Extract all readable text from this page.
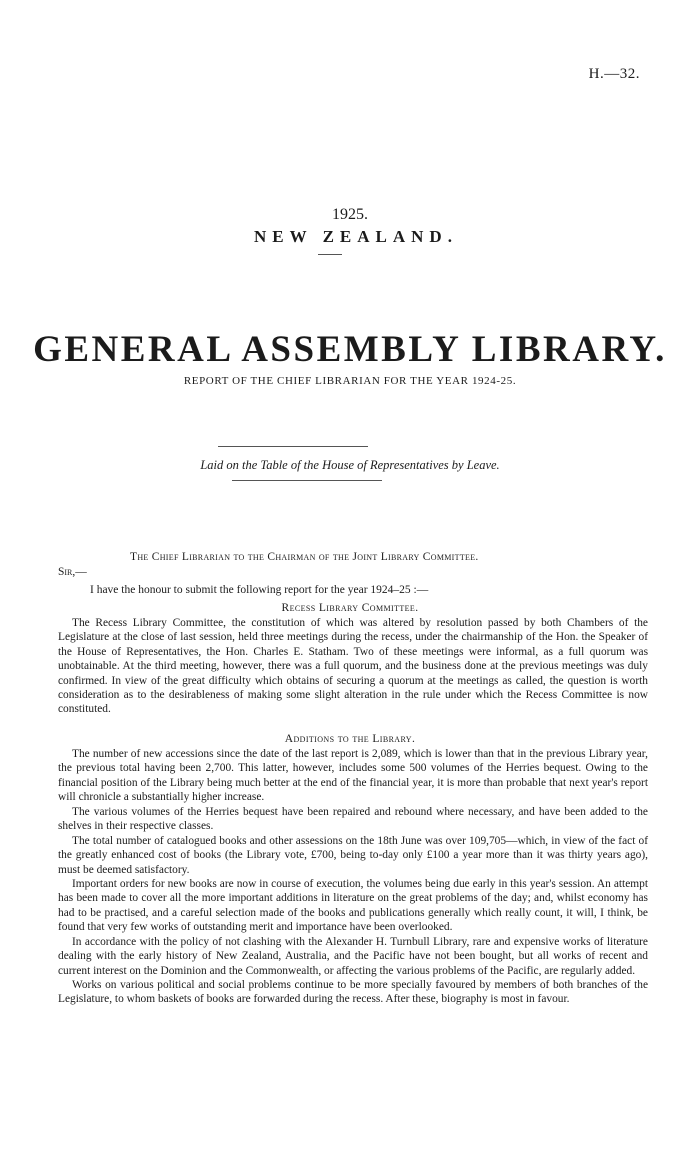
H.—32.
1925.
NEW ZEALAND.
GENERAL ASSEMBLY LIBRARY.
REPORT OF THE CHIEF LIBRARIAN FOR THE YEAR 1924-25.
Laid on the Table of the House of Representatives by Leave.
The Chief Librarian to the Chairman of the Joint Library Committee.
Sir,—
I have the honour to submit the following report for the year 1924–25 :—
Recess Library Committee.

The Recess Library Committee, the constitution of which was altered by resolution passed by both Chambers of the Legislature at the close of last session, held three meetings during the recess, under the chairmanship of the Hon. the Speaker of the House of Representatives, the Hon. Charles E. Statham. Two of these meetings were informal, as a full quorum was unobtainable. At the third meeting, however, there was a full quorum, and the business done at the previous meetings was duly confirmed. In view of the great difficulty which obtains of securing a quorum at the meetings as called, the question is worth consideration as to the desirableness of making some slight alteration in the rule under which the Recess Committee is now constituted.

Additions to the Library.

The number of new accessions since the date of the last report is 2,089, which is lower than that in the previous Library year, the previous total having been 2,700. This latter, however, includes some 500 volumes of the Herries bequest. Owing to the financial position of the Library being much better at the end of the financial year, it is more than probable that next year's report will chronicle a substantially higher increase.

The various volumes of the Herries bequest have been repaired and rebound where necessary, and have been added to the shelves in their respective classes.

The total number of catalogued books and other assessions on the 18th June was over 109,705—which, in view of the fact of the greatly enhanced cost of books (the Library vote, £700, being to-day only £100 a year more than it was thirty years ago), must be deemed satisfactory.

Important orders for new books are now in course of execution, the volumes being due early in this year's session. An attempt has been made to cover all the more important additions in literature on the great problems of the day; and, whilst economy has had to be practised, and a careful selection made of the books and publications generally which really count, it will, I think, be found that very few works of outstanding merit and importance have been overlooked.

In accordance with the policy of not clashing with the Alexander H. Turnbull Library, rare and expensive works of literature dealing with the early history of New Zealand, Australia, and the Pacific have not been bought, but all works of recent and current interest on the Dominion and the Commonwealth, or affecting the various problems of the Pacific, are regularly added.

Works on various political and social problems continue to be more specially favoured by members of both branches of the Legislature, to whom baskets of books are forwarded during the recess. After these, biography is most in favour.
